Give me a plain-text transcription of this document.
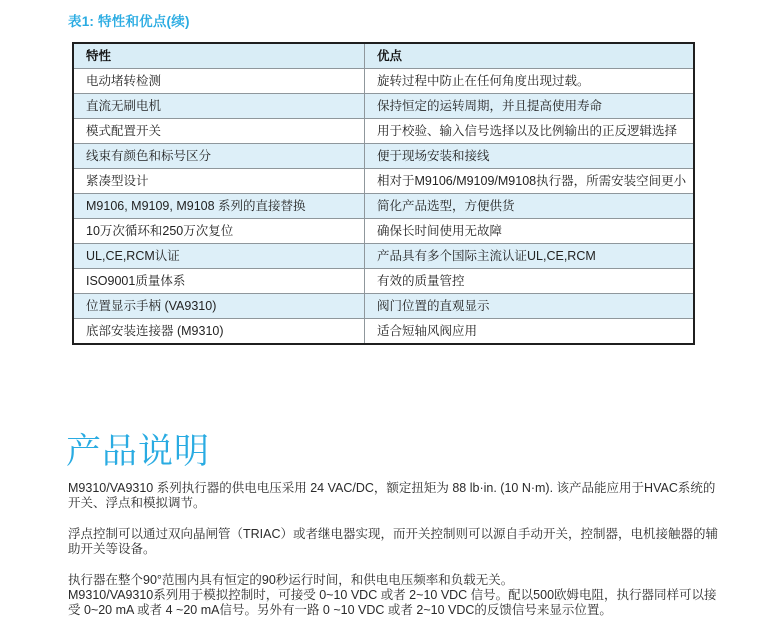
表1: 特性和优点(续)
特性	优点
电动堵转检测	旋转过程中防止在任何角度出现过载。
直流无刷电机	保持恒定的运转周期，并且提高使用寿命
模式配置开关	用于校验、输入信号选择以及比例输出的正反逻辑选择
线束有颜色和标号区分	便于现场安装和接线
紧凑型设计	相对于M9106/M9109/M9108执行器，所需安装空间更小
M9106, M9109, M9108 系列的直接替换	简化产品选型，方便供货
10万次循环和250万次复位	确保长时间使用无故障
UL,CE,RCM认证	产品具有多个国际主流认证UL,CE,RCM
ISO9001质量体系	有效的质量管控
位置显示手柄 (VA9310)	阀门位置的直观显示
底部安装连接器 (M9310)	适合短轴风阀应用
产品说明

M9310/VA9310 系列执行器的供电电压采用 24 VAC/DC，额定扭矩为 88 lb·in. (10 N·m). 该产品能应用于HVAC系统的开关、浮点和模拟调节。

浮点控制可以通过双向晶闸管（TRIAC）或者继电器实现，而开关控制则可以源自手动开关，控制器，电机接触器的辅助开关等设备。

执行器在整个90°范围内具有恒定的90秒运行时间，和供电电压频率和负载无关。

M9310/VA9310系列用于模拟控制时，可接受 0~10 VDC 或者 2~10 VDC 信号。配以500欧姆电阻，执行器同样可以接受 0~20 mA 或者 4 ~20 mA信号。另外有一路 0 ~10 VDC 或者 2~10 VDC的反馈信号来显示位置。
